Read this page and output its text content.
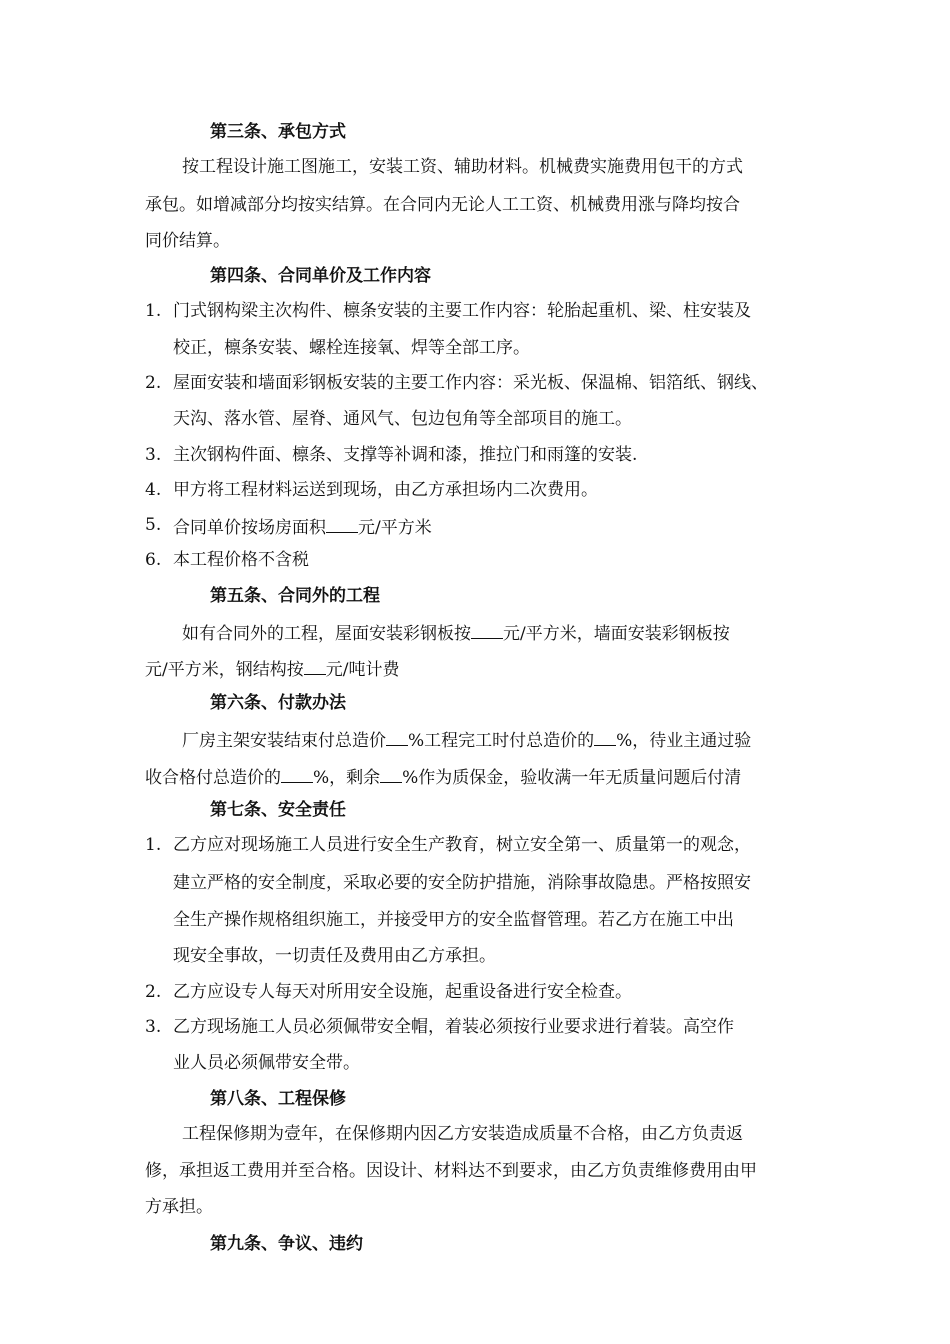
第三条、承包方式
按工程设计施工图施工，安装工资、辅助材料。机械费实施费用包干的方式
承包。如增减部分均按实结算。在合同内无论人工工资、机械费用涨与降均按合
同价结算。
第四条、合同单价及工作内容
1. 门式钢构梁主次构件、檩条安装的主要工作内容：轮胎起重机、梁、柱安装及
校正，檩条安装、螺栓连接氧、焊等全部工序。
2. 屋面安装和墙面彩钢板安装的主要工作内容：采光板、保温棉、铝箔纸、钢线、
天沟、落水管、屋脊、通风气、包边包角等全部项目的施工。
3. 主次钢构件面、檩条、支撑等补调和漆，推拉门和雨篷的安装.
4. 甲方将工程材料运送到现场，由乙方承担场内二次费用。
5. 合同单价按场房面积 元/平方米
6. 本工程价格不含税
第五条、合同外的工程
如有合同外的工程，屋面安装彩钢板按 元/平方米，墙面安装彩钢板按
元/平方米，钢结构按 元/吨计费
第六条、付款办法
厂房主架安装结束付总造价 %工程完工时付总造价的 %，待业主通过验
收合格付总造价的 %，剩余 %作为质保金，验收满一年无质量问题后付清
第七条、安全责任
1. 乙方应对现场施工人员进行安全生产教育，树立安全第一、质量第一的观念，
建立严格的安全制度，采取必要的安全防护措施，消除事故隐患。严格按照安
全生产操作规格组织施工，并接受甲方的安全监督管理。若乙方在施工中出
现安全事故，一切责任及费用由乙方承担。
2. 乙方应设专人每天对所用安全设施，起重设备进行安全检查。
3. 乙方现场施工人员必须佩带安全帽，着装必须按行业要求进行着装。高空作
业人员必须佩带安全带。
第八条、工程保修
工程保修期为壹年，在保修期内因乙方安装造成质量不合格，由乙方负责返
修，承担返工费用并至合格。因设计、材料达不到要求，由乙方负责维修费用由甲
方承担。
第九条、争议、违约
